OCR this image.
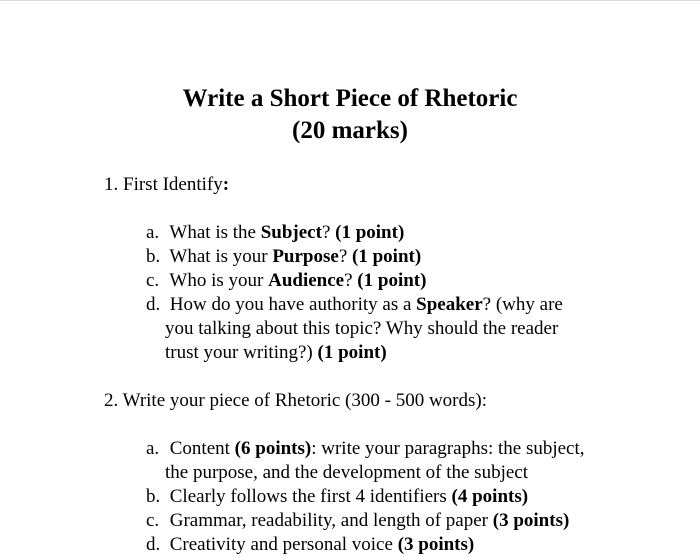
Write a Short Piece of Rhetoric
(20 marks)
1. First Identify:
a. What is the Subject? (1 point)
b. What is your Purpose? (1 point)
c. Who is your Audience? (1 point)
d. How do you have authority as a Speaker? (why are
you talking about this topic? Why should the reader
trust your writing?) (1 point)
2. Write your piece of Rhetoric (300 - 500 words):
a. Content (6 points): write your paragraphs: the subject,
the purpose, and the development of the subject
b. Clearly follows the first 4 identifiers (4 points)
c. Grammar, readability, and length of paper (3 points)
d. Creativity and personal voice (3 points)
